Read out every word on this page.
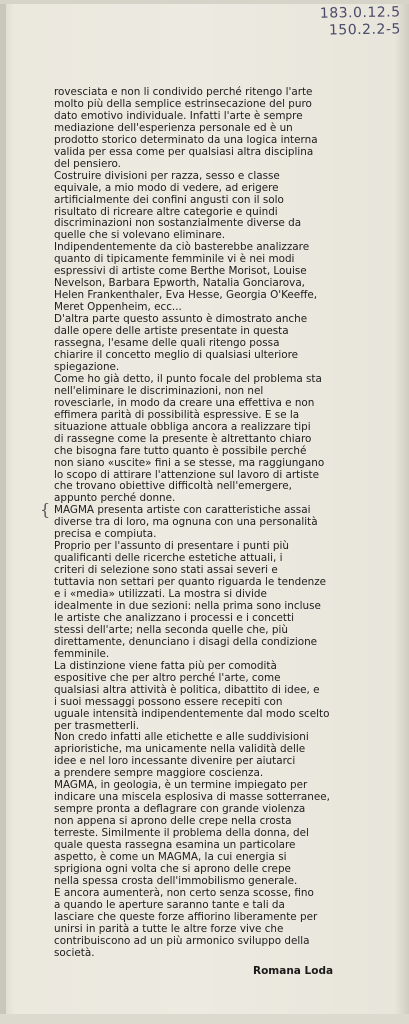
183.0.12.5
150.2.2-5
{

rovesciata e non li condivido perché ritengo l'arte
molto più della semplice estrinsecazione del puro
dato emotivo individuale. Infatti l'arte è sempre
mediazione dell'esperienza personale ed è un
prodotto storico determinato da una logica interna
valida per essa come per qualsiasi altra disciplina
del pensiero.

Costruire divisioni per razza, sesso e classe
equivale, a mio modo di vedere, ad erigere
artificialmente dei confini angusti con il solo
risultato di ricreare altre categorie e quindi
discriminazioni non sostanzialmente diverse da
quelle che si volevano eliminare.

Indipendentemente da ciò basterebbe analizzare
quanto di tipicamente femminile vi è nei modi
espressivi di artiste come Berthe Morisot, Louise
Nevelson, Barbara Epworth, Natalia Gonciarova,
Helen Frankenthaler, Eva Hesse, Georgia O'Keeffe,
Meret Oppenheim, ecc...

D'altra parte questo assunto è dimostrato anche
dalle opere delle artiste presentate in questa
rassegna, l'esame delle quali ritengo possa
chiarire il concetto meglio di qualsiasi ulteriore
spiegazione.

Come ho già detto, il punto focale del problema sta
nell'eliminare le discriminazioni, non nel
rovesciarle, in modo da creare una effettiva e non
effimera parità di possibilità espressive. E se la
situazione attuale obbliga ancora a realizzare tipi
di rassegne come la presente è altrettanto chiaro
che bisogna fare tutto quanto è possibile perché
non siano «uscite» fini a se stesse, ma raggiungano
lo scopo di attirare l'attenzione sul lavoro di artiste
che trovano obiettive difficoltà nell'emergere,
appunto perché donne.

MAGMA presenta artiste con caratteristiche assai
diverse tra di loro, ma ognuna con una personalità
precisa e compiuta.

Proprio per l'assunto di presentare i punti più
qualificanti delle ricerche estetiche attuali, i
criteri di selezione sono stati assai severi e
tuttavia non settari per quanto riguarda le tendenze
e i «media» utilizzati. La mostra si divide
idealmente in due sezioni: nella prima sono incluse
le artiste che analizzano i processi e i concetti
stessi dell'arte; nella seconda quelle che, più
direttamente, denunciano i disagi della condizione
femminile.

La distinzione viene fatta più per comodità
espositive che per altro perché l'arte, come
qualsiasi altra attività è politica, dibattito di idee, e
i suoi messaggi possono essere recepiti con
uguale intensità indipendentemente dal modo scelto
per trasmetterli.

Non credo infatti alle etichette e alle suddivisioni
aprioristiche, ma unicamente nella validità delle
idee e nel loro incessante divenire per aiutarci
a prendere sempre maggiore coscienza.

MAGMA, in geologia, è un termine impiegato per
indicare una miscela esplosiva di masse sotterranee,
sempre pronta a deflagrare con grande violenza
non appena si aprono delle crepe nella crosta
terreste. Similmente il problema della donna, del
quale questa rassegna esamina un particolare
aspetto, è come un MAGMA, la cui energia si
sprigiona ogni volta che si aprono delle crepe
nella spessa crosta dell'immobilismo generale.

E ancora aumenterà, non certo senza scosse, fino
a quando le aperture saranno tante e tali da
lasciare che queste forze affiorino liberamente per
unirsi in parità a tutte le altre forze vive che
contribuiscono ad un più armonico sviluppo della
società.

Romana Loda
